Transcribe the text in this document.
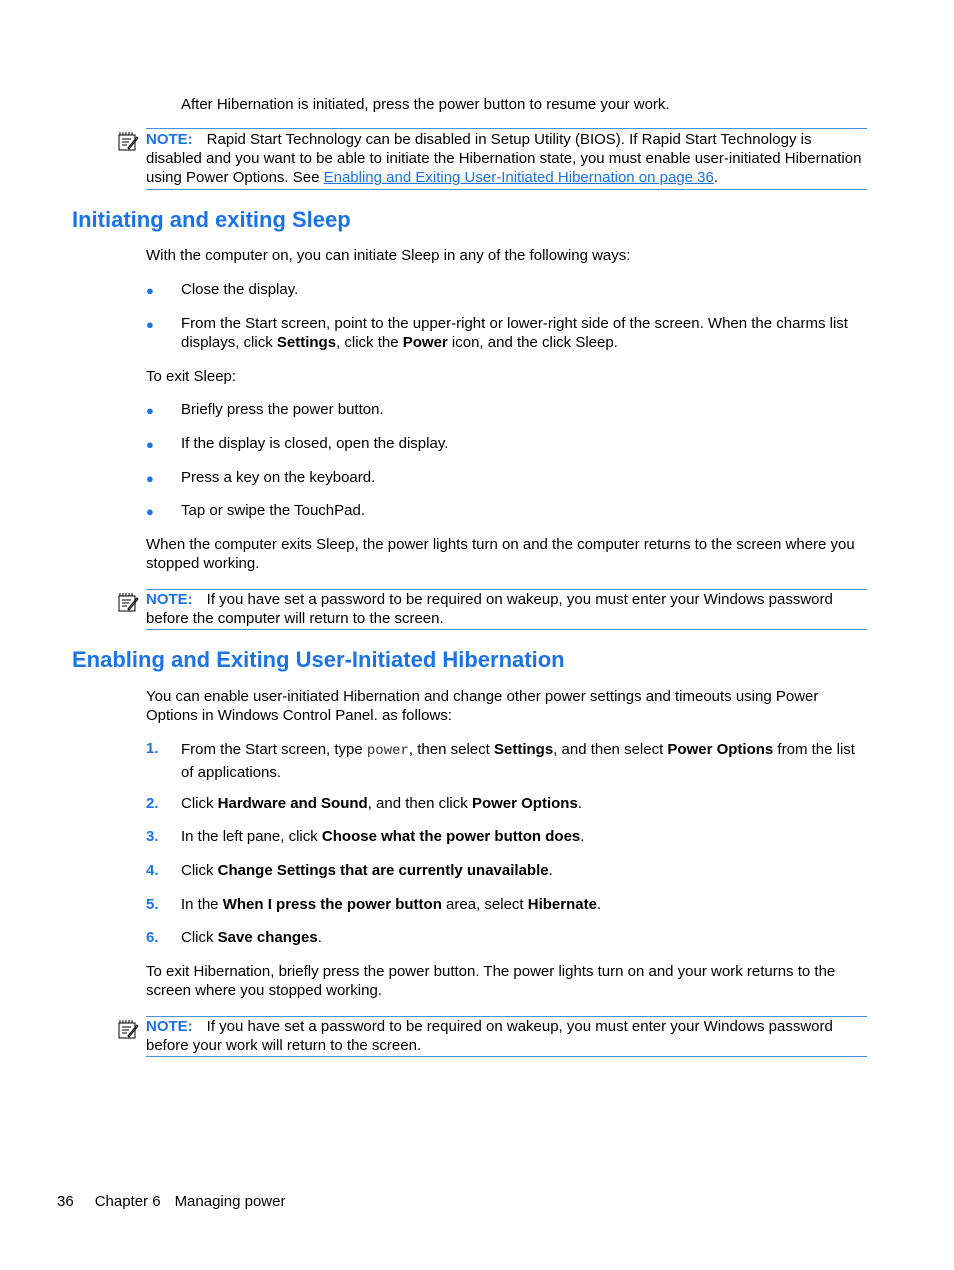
After Hibernation is initiated, press the power button to resume your work.
NOTE: Rapid Start Technology can be disabled in Setup Utility (BIOS). If Rapid Start Technology is disabled and you want to be able to initiate the Hibernation state, you must enable user-initiated Hibernation using Power Options. See Enabling and Exiting User-Initiated Hibernation on page 36.
Initiating and exiting Sleep
With the computer on, you can initiate Sleep in any of the following ways:
● Close the display.
● From the Start screen, point to the upper-right or lower-right side of the screen. When the charms list displays, click Settings, click the Power icon, and the click Sleep.
To exit Sleep:
● Briefly press the power button.
● If the display is closed, open the display.
● Press a key on the keyboard.
● Tap or swipe the TouchPad.
When the computer exits Sleep, the power lights turn on and the computer returns to the screen where you stopped working.
NOTE: If you have set a password to be required on wakeup, you must enter your Windows password before the computer will return to the screen.
Enabling and Exiting User-Initiated Hibernation
You can enable user-initiated Hibernation and change other power settings and timeouts using Power Options in Windows Control Panel. as follows:
1. From the Start screen, type power, then select Settings, and then select Power Options from the list of applications.
2. Click Hardware and Sound, and then click Power Options.
3. In the left pane, click Choose what the power button does.
4. Click Change Settings that are currently unavailable.
5. In the When I press the power button area, select Hibernate.
6. Click Save changes.
To exit Hibernation, briefly press the power button. The power lights turn on and your work returns to the screen where you stopped working.
NOTE: If you have set a password to be required on wakeup, you must enter your Windows password before your work will return to the screen.
36 Chapter 6 Managing power
